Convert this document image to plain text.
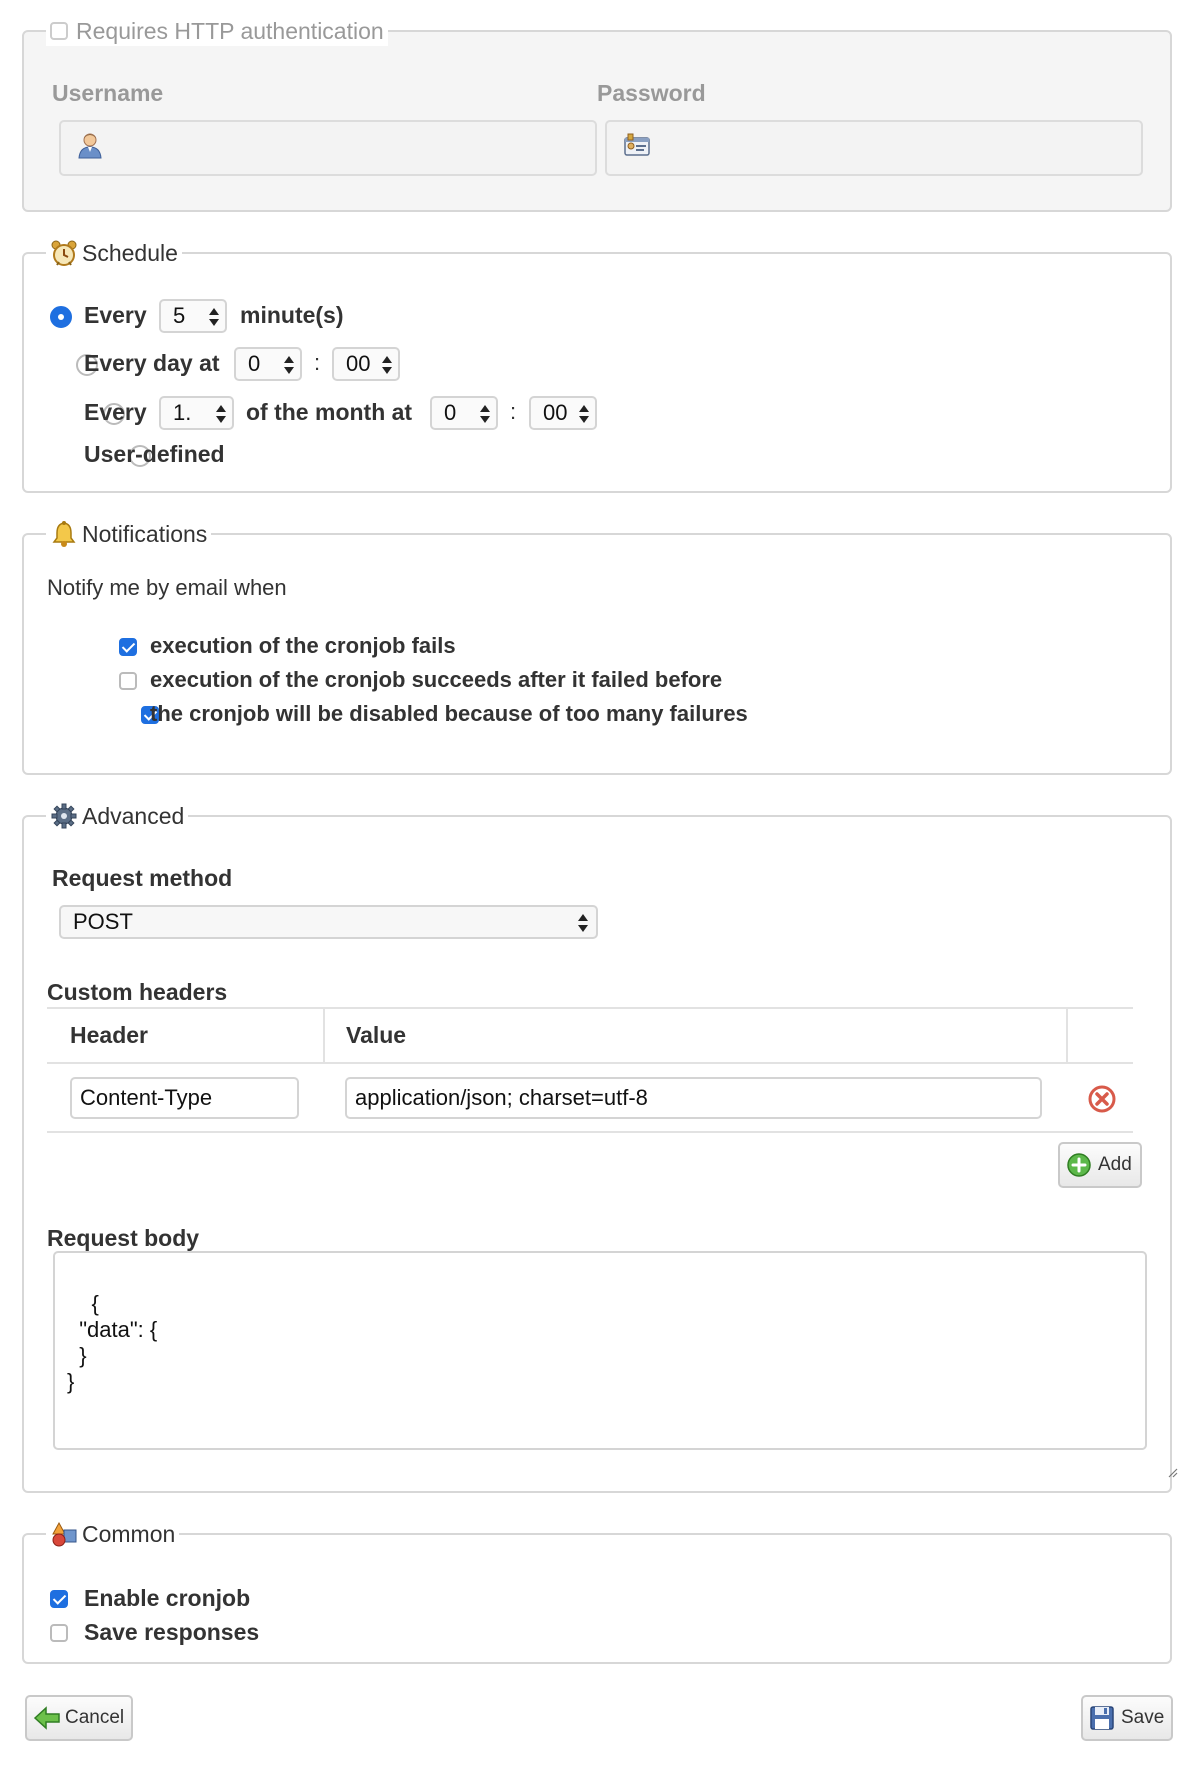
Requires HTTP authentication
Username	Password
Schedule

Every 5 minute(s)

Every day at 0 : 00

Every 1. of the month at 0 : 00
User-defined
Notifications
Notify me by email when

execution of the cronjob fails
execution of the cronjob succeeds after it failed before
the cronjob will be disabled because of too many failures
Advanced
Request method
POST
Custom headers
Header	Value
Content-Type	application/json; charset=utf-8
Add
Request body

{
"data": {
}
}

Common
Enable cronjob
Save responses
Cancel	Save
